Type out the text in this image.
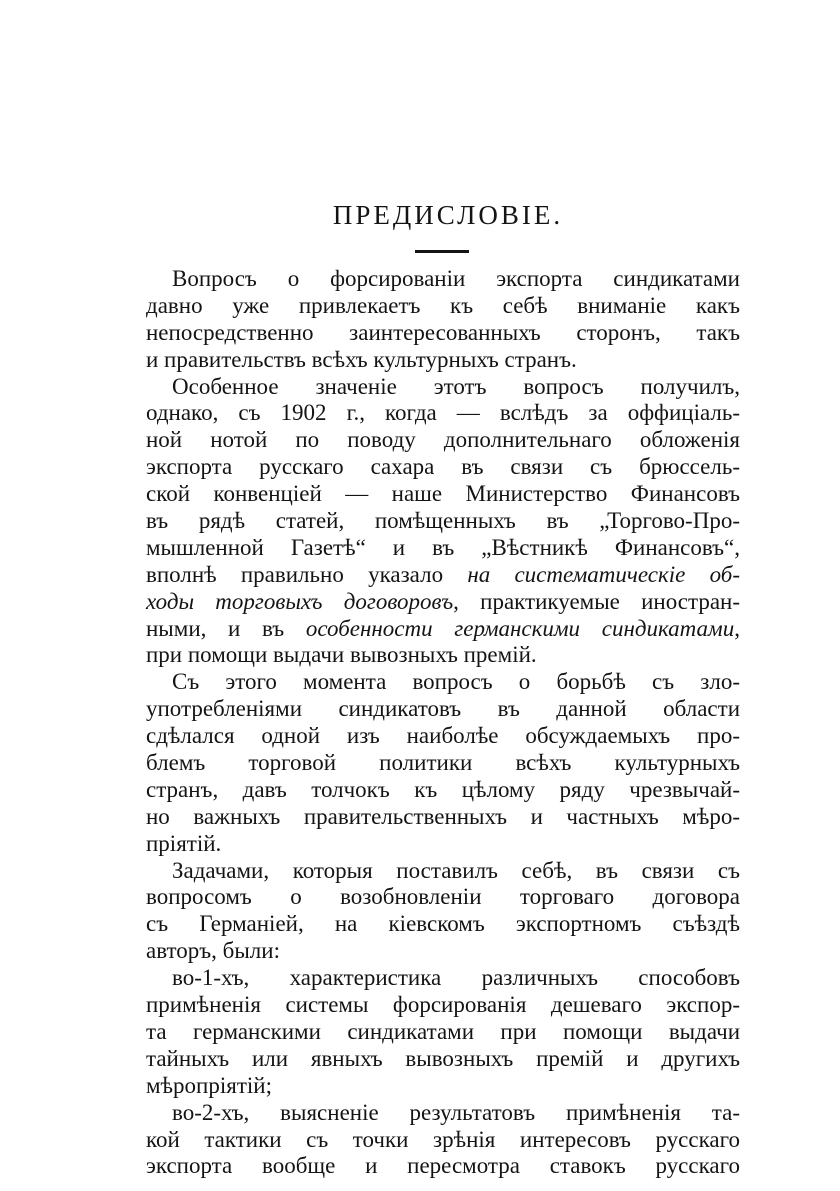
ПРЕДИСЛОВІЕ.
Вопросъ о форсированіи экспорта синдикатами
давно уже привлекаетъ къ себѣ вниманіе какъ
непосредственно заинтересованныхъ сторонъ, такъ
и правительствъ всѣхъ культурныхъ странъ.
Особенное значеніе этотъ вопросъ получилъ,
однако, съ 1902 г., когда — вслѣдъ за оффиціаль-
ной нотой по поводу дополнительнаго обложенія
экспорта русскаго сахара въ связи съ брюссель-
ской конвенціей — наше Министерство Финансовъ
въ рядѣ статей, помѣщенныхъ въ „Торгово-Про-
мышленной Газетѣ“ и въ „Вѣстникѣ Финансовъ“,
вполнѣ правильно указало на систематическіе об-
ходы торговыхъ договоровъ, практикуемые иностран-
ными, и въ особенности германскими синдикатами,
при помощи выдачи вывозныхъ премій.
Съ этого момента вопросъ о борьбѣ съ зло-
употребленіями синдикатовъ въ данной области
сдѣлался одной изъ наиболѣе обсуждаемыхъ про-
блемъ торговой политики всѣхъ культурныхъ
странъ, давъ толчокъ къ цѣлому ряду чрезвычай-
но важныхъ правительственныхъ и частныхъ мѣро-
пріятій.
Задачами, которыя поставилъ себѣ, въ связи съ
вопросомъ о возобновленіи торговаго договора
съ Германіей, на кіевскомъ экспортномъ съѣздѣ
авторъ, были:
во-1-хъ, характеристика различныхъ способовъ
примѣненія системы форсированія дешеваго экспор-
та германскими синдикатами при помощи выдачи
тайныхъ или явныхъ вывозныхъ премій и другихъ
мѣропріятій;
во-2-хъ, выясненіе результатовъ примѣненія та-
кой тактики съ точки зрѣнія интересовъ русскаго
экспорта вообще и пересмотра ставокъ русскаго
